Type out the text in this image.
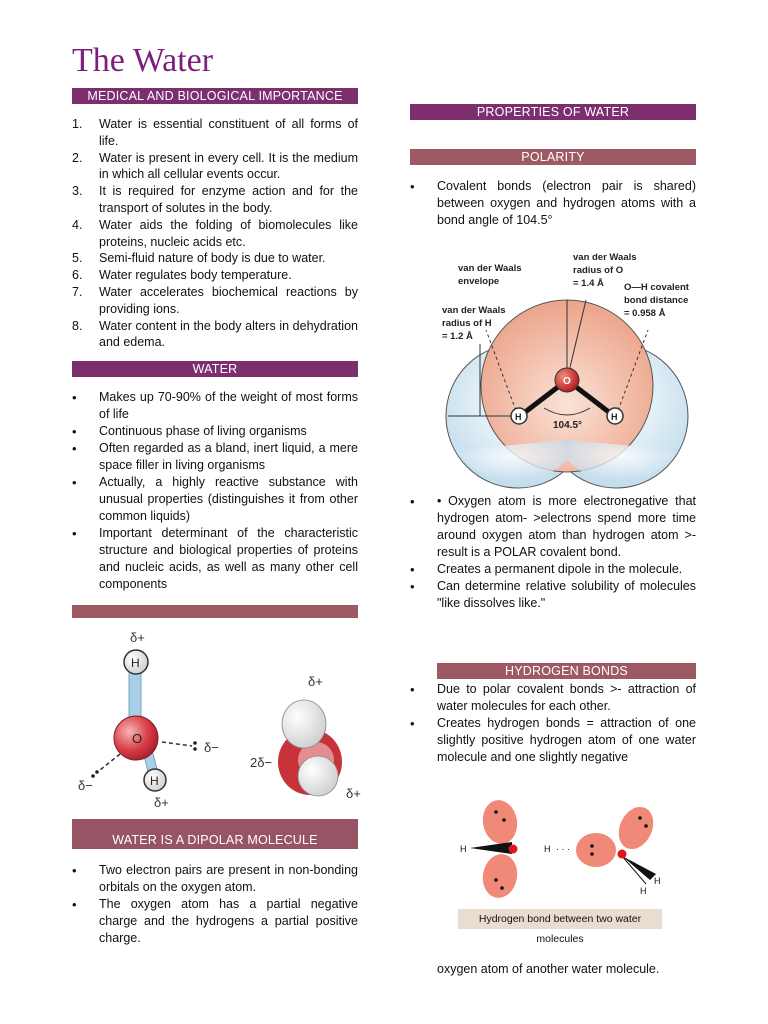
The Water
MEDICAL AND BIOLOGICAL IMPORTANCE
1. Water is essential constituent of all forms of life.
2. Water is present in every cell. It is the medium in which all cellular events occur.
3. It is required for enzyme action and for the transport of solutes in the body.
4. Water aids the folding of biomolecules like proteins, nucleic acids etc.
5. Semi-fluid nature of body is due to water.
6. Water regulates body temperature.
7. Water accelerates biochemical reactions by providing ions.
8. Water content in the body alters in dehydration and edema.
WATER
• Makes up 70-90% of the weight of most forms of life
• Continuous phase of living organisms
• Often regarded as a bland, inert liquid, a mere space filler in living organisms
• Actually, a highly reactive substance with unusual properties (distinguishes it from other common liquids)
• Important determinant of the characteristic structure and biological properties of proteins and nucleic acids, as well as many other cell components
O
H
δ+
H
δ+
δ−
δ−
δ+
2δ−
δ+
WATER IS A DIPOLAR MOLECULE
• Two electron pairs are present in non-bonding orbitals on the oxygen atom.
• The oxygen atom has a partial negative charge and the hydrogens a partial positive charge.
PROPERTIES OF WATER
POLARITY
• Covalent bonds (electron pair is shared) between oxygen and hydrogen atoms with a bond angle of 104.5°
104.5°
O
H	H
van der Waals envelope
van der Waals radius of O = 1.4 Å	O—H covalent bond distance = 0.958 Å
van der Waals radius of H = 1.2 Å
• • Oxygen atom is more electronegative that hydrogen atom- >electrons spend more time around oxygen atom than hydrogen atom >- result is a POLAR covalent bond.
• Creates a permanent dipole in the molecule.
• Can determine relative solubility of molecules "like dissolves like."
HYDROGEN BONDS
• Due to polar covalent bonds >- attraction of water molecules for each other.
• Creates hydrogen bonds = attraction of one slightly positive hydrogen atom of one water molecule and one slightly negative
H	H · · ·
H
H
Hydrogen bond between two water molecules
oxygen atom of another water molecule.
